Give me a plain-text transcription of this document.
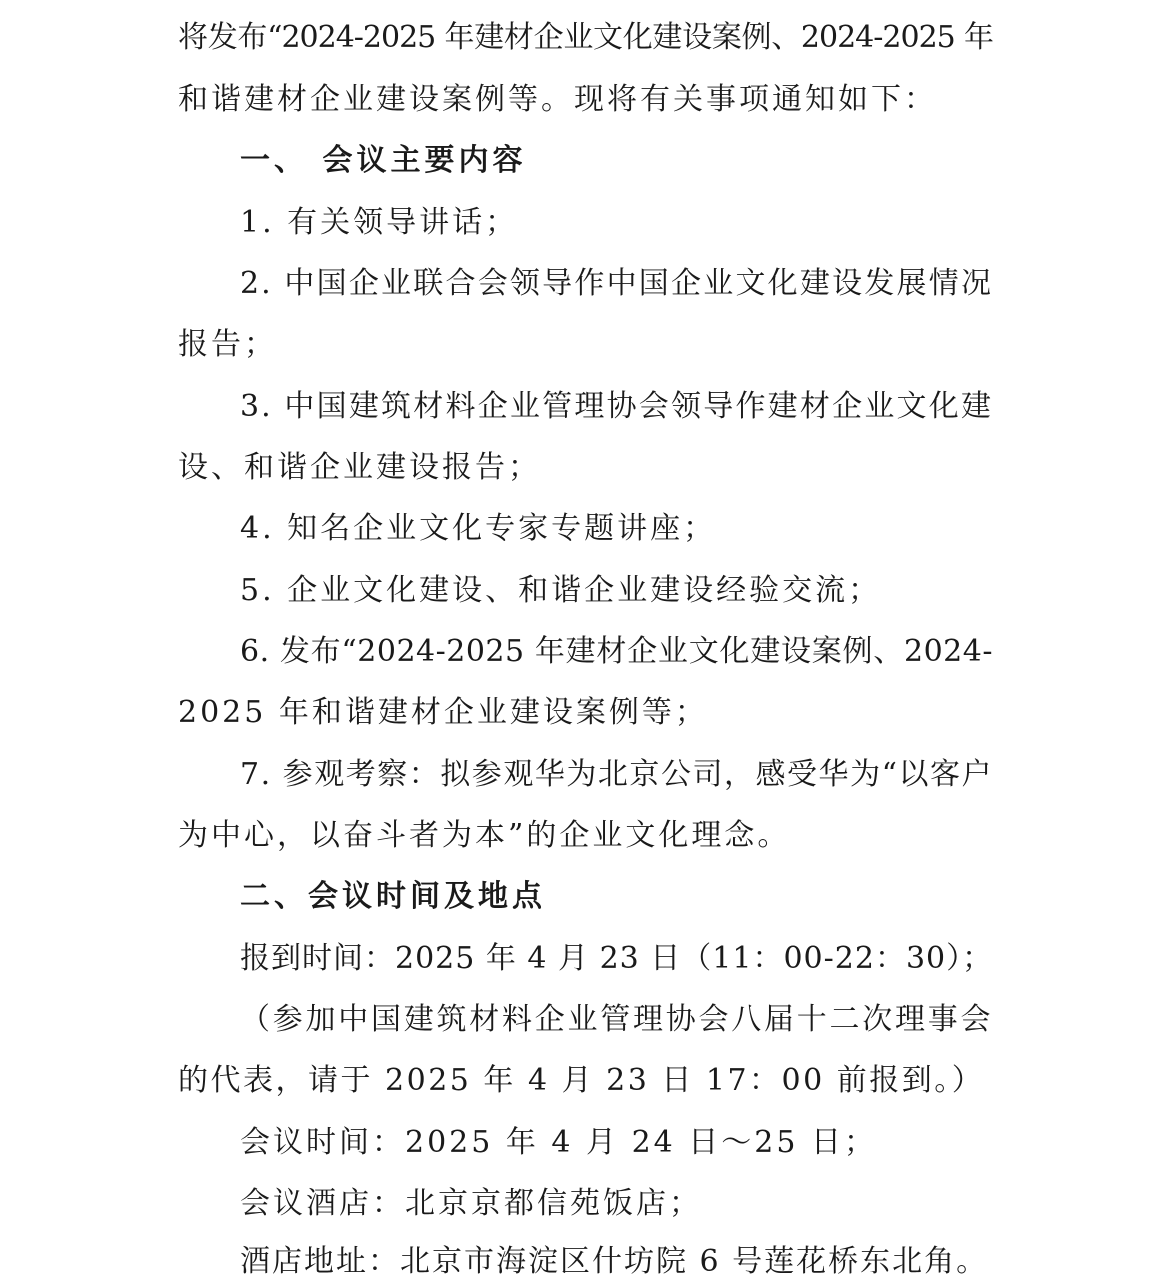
将发布“2024-2025 年建材企业文化建设案例、2024-2025 年
和谐建材企业建设案例等。现将有关事项通知如下：
一、 会议主要内容
1. 有关领导讲话；
2. 中国企业联合会领导作中国企业文化建设发展情况
报告；
3. 中国建筑材料企业管理协会领导作建材企业文化建
设、和谐企业建设报告；
4. 知名企业文化专家专题讲座；
5. 企业文化建设、和谐企业建设经验交流；
6. 发布“2024-2025 年建材企业文化建设案例、2024-
2025 年和谐建材企业建设案例等；
7. 参观考察：拟参观华为北京公司，感受华为“以客户
为中心，以奋斗者为本”的企业文化理念。
二、会议时间及地点
报到时间：2025 年 4 月 23 日（11：00-22：30）；
（参加中国建筑材料企业管理协会八届十二次理事会
的代表，请于 2025 年 4 月 23 日 17：00 前报到。）
会议时间：2025 年 4 月 24 日～25 日；
会议酒店：北京京都信苑饭店；
酒店地址：北京市海淀区什坊院 6 号莲花桥东北角。
